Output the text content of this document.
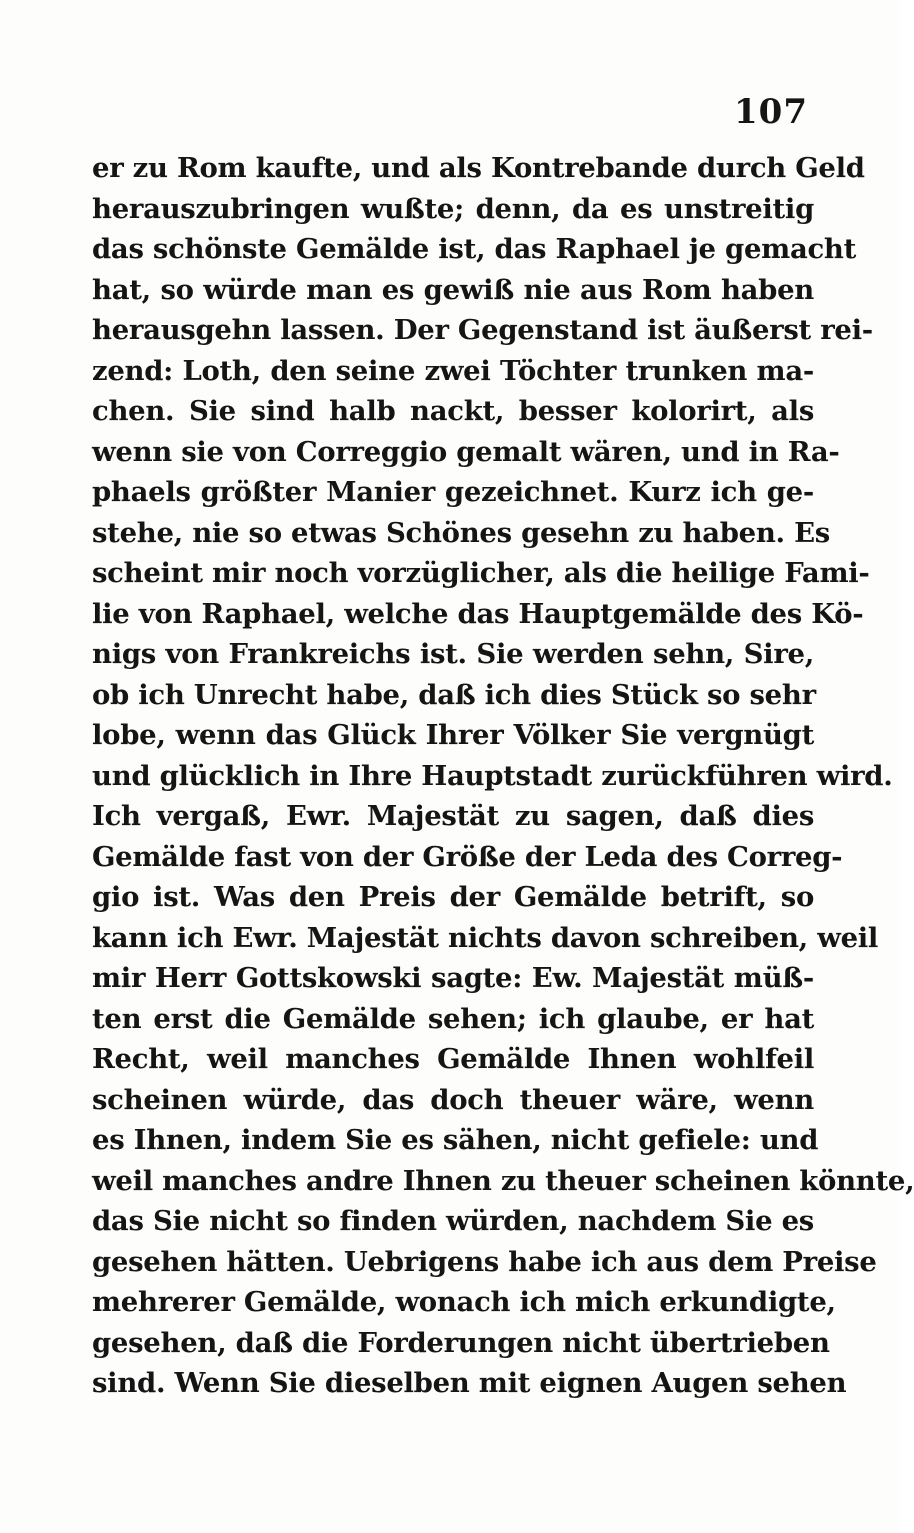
107
er zu Rom kaufte, und als Kontrebande durch Geld
herauszubringen wußte; denn, da es unstreitig
das schönste Gemälde ist, das Raphael je gemacht
hat, so würde man es gewiß nie aus Rom haben
herausgehn lassen. Der Gegenstand ist äußerst rei-
zend: Loth, den seine zwei Töchter trunken ma-
chen. Sie sind halb nackt, besser kolorirt, als
wenn sie von Correggio gemalt wären, und in Ra-
phaels größter Manier gezeichnet. Kurz ich ge-
stehe, nie so etwas Schönes gesehn zu haben. Es
scheint mir noch vorzüglicher, als die heilige Fami-
lie von Raphael, welche das Hauptgemälde des Kö-
nigs von Frankreichs ist. Sie werden sehn, Sire,
ob ich Unrecht habe, daß ich dies Stück so sehr
lobe, wenn das Glück Ihrer Völker Sie vergnügt
und glücklich in Ihre Hauptstadt zurückführen wird.
Ich vergaß, Ewr. Majestät zu sagen, daß dies
Gemälde fast von der Größe der Leda des Correg-
gio ist. Was den Preis der Gemälde betrift, so
kann ich Ewr. Majestät nichts davon schreiben, weil
mir Herr Gottskowski sagte: Ew. Majestät müß-
ten erst die Gemälde sehen; ich glaube, er hat
Recht, weil manches Gemälde Ihnen wohlfeil
scheinen würde, das doch theuer wäre, wenn
es Ihnen, indem Sie es sähen, nicht gefiele: und
weil manches andre Ihnen zu theuer scheinen könnte,
das Sie nicht so finden würden, nachdem Sie es
gesehen hätten. Uebrigens habe ich aus dem Preise
mehrerer Gemälde, wonach ich mich erkundigte,
gesehen, daß die Forderungen nicht übertrieben
sind. Wenn Sie dieselben mit eignen Augen sehen
